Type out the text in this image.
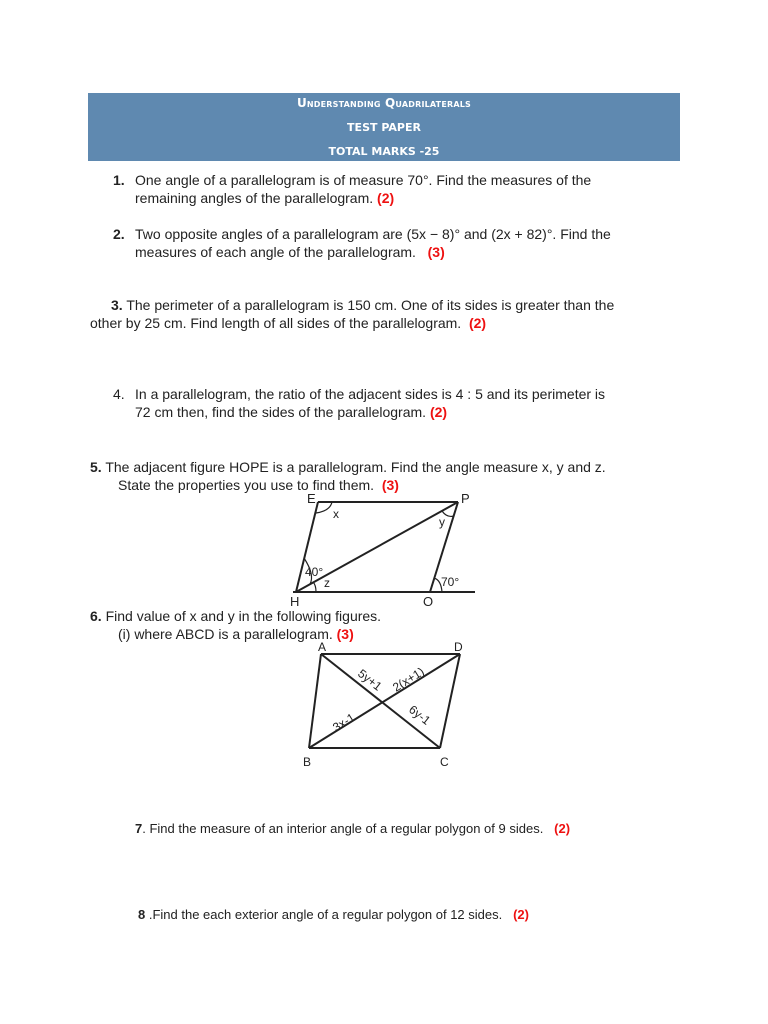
Understanding Quadrilaterals
TEST PAPER
TOTAL MARKS -25
1. One angle of a parallelogram is of measure 70°. Find the measures of the
remaining angles of the parallelogram. (2)
2. Two opposite angles of a parallelogram are (5x − 8)° and (2x + 82)°. Find the
measures of each angle of the parallelogram. (3)
3. The perimeter of a parallelogram is 150 cm. One of its sides is greater than the
other by 25 cm. Find length of all sides of the parallelogram. (2)
4. In a parallelogram, the ratio of the adjacent sides is 4 : 5 and its perimeter is
72 cm then, find the sides of the parallelogram. (2)
5. The adjacent figure HOPE is a parallelogram. Find the angle measure x, y and z.
State the properties you use to find them. (3)
E	P
H	O
x
y
z
40°
70°
6. Find value of x and y in the following figures.
(i) where ABCD is a parallelogram. (3)
A	D
B	C
5y+1 2(x+1)
3x-1	6y-1
7. Find the measure of an interior angle of a regular polygon of 9 sides. (2)
8 .Find the each exterior angle of a regular polygon of 12 sides. (2)
